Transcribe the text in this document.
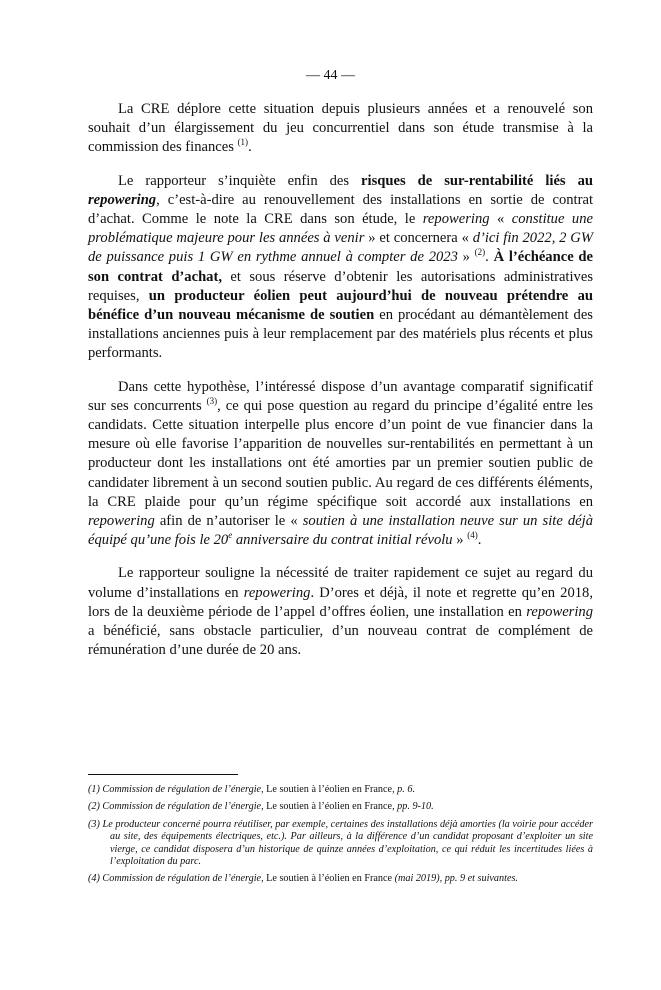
— 44 —

La CRE déplore cette situation depuis plusieurs années et a renouvelé son souhait d’un élargissement du jeu concurrentiel dans son étude transmise à la commission des finances $^{(1)}$.

Le rapporteur s’inquiète enfin des risques de sur-rentabilité liés au repowering, c’est-à-dire au renouvellement des installations en sortie de contrat d’achat. Comme le note la CRE dans son étude, le repowering « constitue une problématique majeure pour les années à venir » et concernera « d’ici fin 2022, 2 GW de puissance puis 1 GW en rythme annuel à compter de 2023 » $^{(2)}$. À l’échéance de son contrat d’achat, et sous réserve d’obtenir les autorisations administratives requises, un producteur éolien peut aujourd’hui de nouveau prétendre au bénéfice d’un nouveau mécanisme de soutien en procédant au démantèlement des installations anciennes puis à leur remplacement par des matériels plus récents et plus performants.

Dans cette hypothèse, l’intéressé dispose d’un avantage comparatif significatif sur ses concurrents $^{(3)}$, ce qui pose question au regard du principe d’égalité entre les candidats. Cette situation interpelle plus encore d’un point de vue financier dans la mesure où elle favorise l’apparition de nouvelles sur-rentabilités en permettant à un producteur dont les installations ont été amorties par un premier soutien public de candidater librement à un second soutien public. Au regard de ces différents éléments, la CRE plaide pour qu’un régime spécifique soit accordé aux installations en repowering afin de n’autoriser le « soutien à une installation neuve sur un site déjà équipé qu’une fois le 20e anniversaire du contrat initial révolu » $^{(4)}$.

Le rapporteur souligne la nécessité de traiter rapidement ce sujet au regard du volume d’installations en repowering. D’ores et déjà, il note et regrette qu’en 2018, lors de la deuxième période de l’appel d’offres éolien, une installation en repowering a bénéficié, sans obstacle particulier, d’un nouveau contrat de complément de rémunération d’une durée de 20 ans.

(1) Commission de régulation de l’énergie, Le soutien à l’éolien en France, p. 6.
(2) Commission de régulation de l’énergie, Le soutien à l’éolien en France, pp. 9-10.
(3) Le producteur concerné pourra réutiliser, par exemple, certaines des installations déjà amorties (la voirie pour accéder au site, des équipements électriques, etc.). Par ailleurs, à la différence d’un candidat proposant d’exploiter un site vierge, ce candidat disposera d’un historique de quinze années d’exploitation, ce qui réduit les incertitudes liées à l’exploitation du parc.
(4) Commission de régulation de l’énergie, Le soutien à l’éolien en France (mai 2019), pp. 9 et suivantes.
